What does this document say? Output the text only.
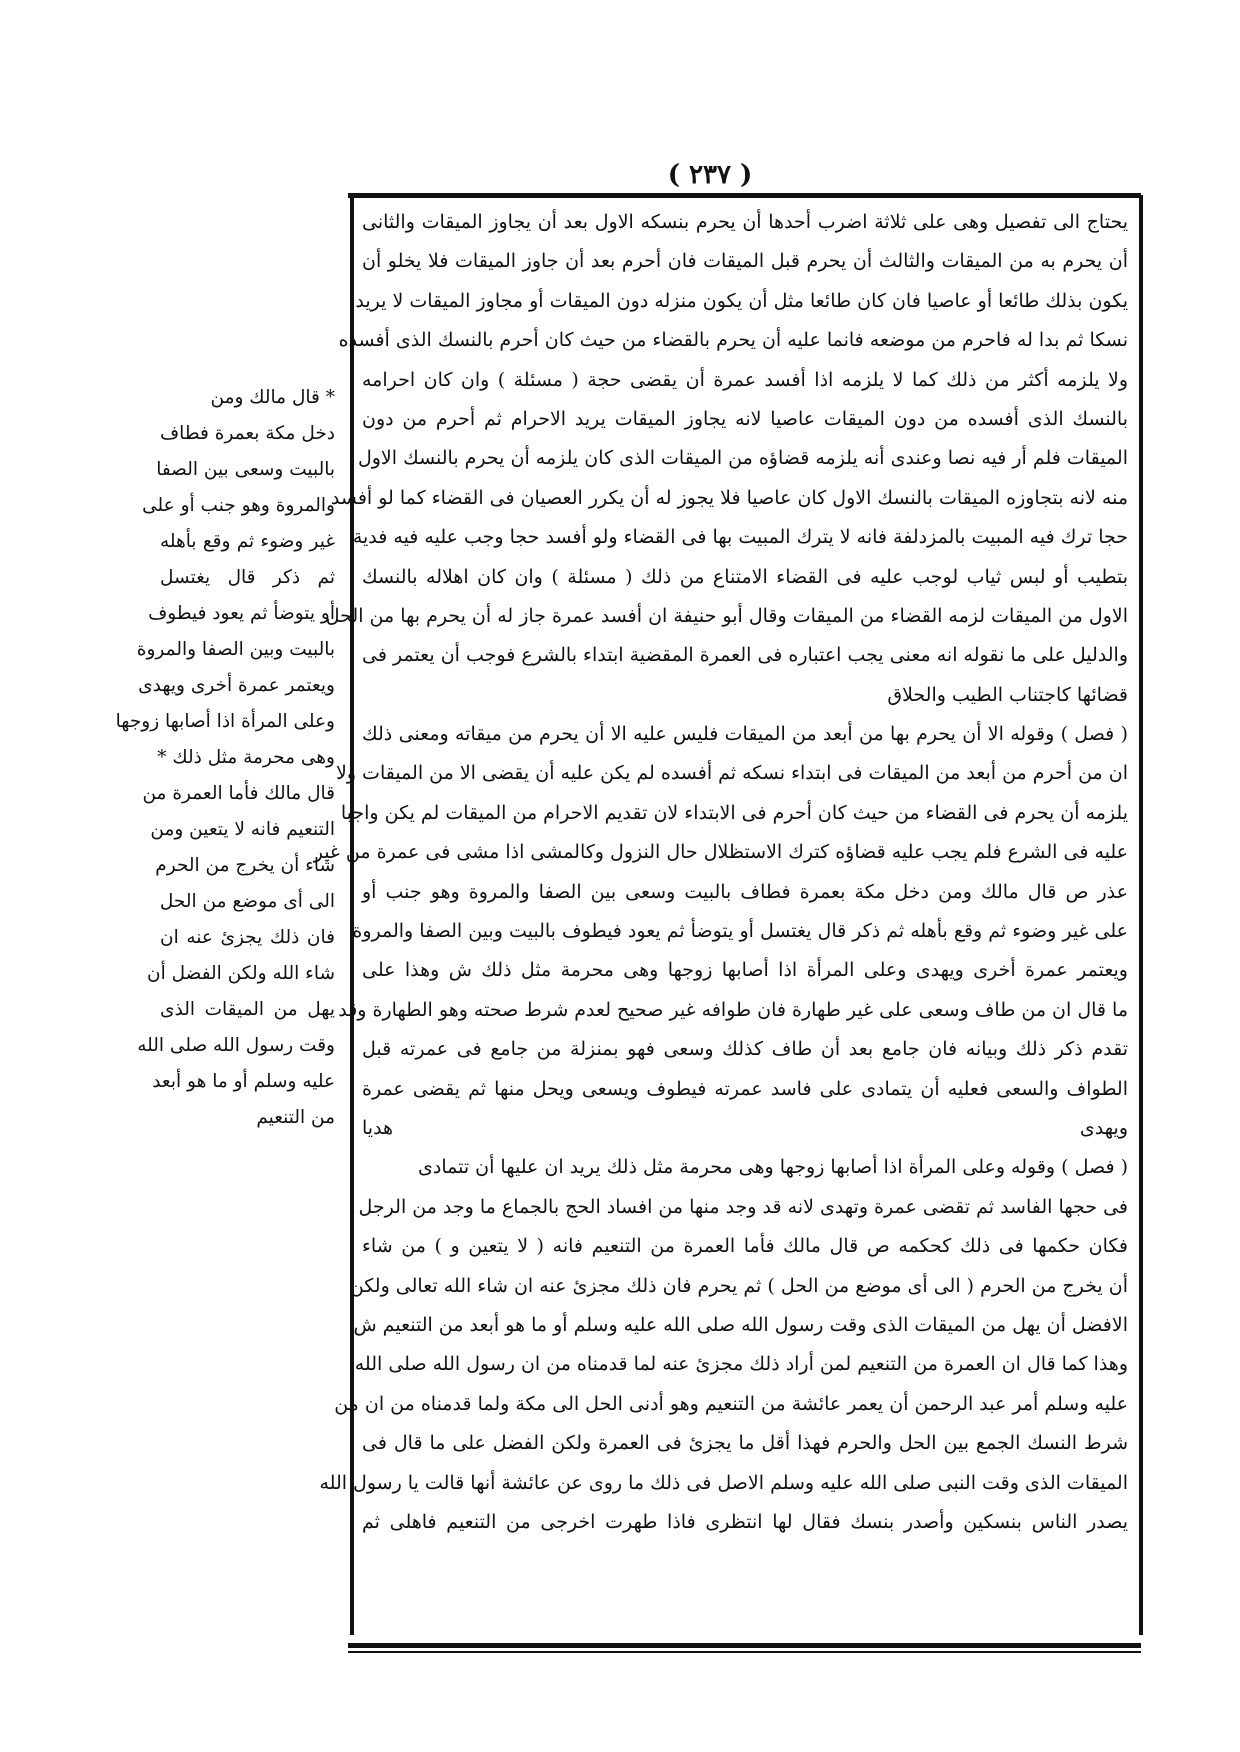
( ٢٣٧ )
يحتاج الى تفصيل وهى على ثلاثة اضرب أحدها أن يحرم بنسكه الاول بعد أن يجاوز الميقات والثانى
أن يحرم به من الميقات والثالث أن يحرم قبل الميقات فان أحرم بعد أن جاوز الميقات فلا يخلو أن
يكون بذلك طائعا أو عاصيا فان كان طائعا مثل أن يكون منزله دون الميقات أو مجاوز الميقات لا يريد
نسكا ثم بدا له فاحرم من موضعه فانما عليه أن يحرم بالقضاء من حيث كان أحرم بالنسك الذى أفسده
ولا يلزمه أكثر من ذلك كما لا يلزمه اذا أفسد عمرة أن يقضى حجة ( مسئلة ) وان كان احرامه
بالنسك الذى أفسده من دون الميقات عاصيا لانه يجاوز الميقات يريد الاحرام ثم أحرم من دون
الميقات فلم أر فيه نصا وعندى أنه يلزمه قضاؤه من الميقات الذى كان يلزمه أن يحرم بالنسك الاول
منه لانه بتجاوزه الميقات بالنسك الاول كان عاصيا فلا يجوز له أن يكرر العصيان فى القضاء كما لو أفسد
حجا ترك فيه المبيت بالمزدلفة فانه لا يترك المبيت بها فى القضاء ولو أفسد حجا وجب عليه فيه فدية
بتطيب أو لبس ثياب لوجب عليه فى القضاء الامتناع من ذلك ( مسئلة ) وان كان اهلاله بالنسك
الاول من الميقات لزمه القضاء من الميقات وقال أبو حنيفة ان أفسد عمرة جاز له أن يحرم بها من الحل
والدليل على ما نقوله انه معنى يجب اعتباره فى العمرة المقضية ابتداء بالشرع فوجب أن يعتمر فى
قضائها كاجتناب الطيب والحلاق
( فصل ) وقوله الا أن يحرم بها من أبعد من الميقات فليس عليه الا أن يحرم من ميقاته ومعنى ذلك
ان من أحرم من أبعد من الميقات فى ابتداء نسكه ثم أفسده لم يكن عليه أن يقضى الا من الميقات ولا
يلزمه أن يحرم فى القضاء من حيث كان أحرم فى الابتداء لان تقديم الاحرام من الميقات لم يكن واجبا
عليه فى الشرع فلم يجب عليه قضاؤه كترك الاستظلال حال النزول وكالمشى اذا مشى فى عمرة من غير
عذر ص قال مالك ومن دخل مكة بعمرة فطاف بالبيت وسعى بين الصفا والمروة وهو جنب أو
على غير وضوء ثم وقع بأهله ثم ذكر قال يغتسل أو يتوضأ ثم يعود فيطوف بالبيت وبين الصفا والمروة
ويعتمر عمرة أخرى ويهدى وعلى المرأة اذا أصابها زوجها وهى محرمة مثل ذلك ش وهذا على
ما قال ان من طاف وسعى على غير طهارة فان طوافه غير صحيح لعدم شرط صحته وهو الطهارة وقد
تقدم ذكر ذلك وبيانه فان جامع بعد أن طاف كذلك وسعى فهو بمنزلة من جامع فى عمرته قبل
الطواف والسعى فعليه أن يتمادى على فاسد عمرته فيطوف ويسعى ويحل منها ثم يقضى عمرة
ويهدى هديا
( فصل ) وقوله وعلى المرأة اذا أصابها زوجها وهى محرمة مثل ذلك يريد ان عليها أن تتمادى
فى حجها الفاسد ثم تقضى عمرة وتهدى لانه قد وجد منها من افساد الحج بالجماع ما وجد من الرجل
فكان حكمها فى ذلك كحكمه ص قال مالك فأما العمرة من التنعيم فانه ( لا يتعين و ) من شاء
أن يخرج من الحرم ( الى أى موضع من الحل ) ثم يحرم فان ذلك مجزئ عنه ان شاء الله تعالى ولكن
الافضل أن يهل من الميقات الذى وقت رسول الله صلى الله عليه وسلم أو ما هو أبعد من التنعيم ش
وهذا كما قال ان العمرة من التنعيم لمن أراد ذلك مجزئ عنه لما قدمناه من ان رسول الله صلى الله
عليه وسلم أمر عبد الرحمن أن يعمر عائشة من التنعيم وهو أدنى الحل الى مكة ولما قدمناه من ان من
شرط النسك الجمع بين الحل والحرم فهذا أقل ما يجزئ فى العمرة ولكن الفضل على ما قال فى
الميقات الذى وقت النبى صلى الله عليه وسلم الاصل فى ذلك ما روى عن عائشة أنها قالت يا رسول الله
يصدر الناس بنسكين وأصدر بنسك فقال لها انتظرى فاذا طهرت اخرجى من التنعيم فاهلى ثم
* قال مالك ومن
دخل مكة بعمرة فطاف
بالبيت وسعى بين الصفا
والمروة وهو جنب أو على
غير وضوء ثم وقع بأهله
ثم ذكر قال يغتسل
أو يتوضأ ثم يعود فيطوف
بالبيت وبين الصفا والمروة
ويعتمر عمرة أخرى ويهدى
وعلى المرأة اذا أصابها زوجها
وهى محرمة مثل ذلك *
قال مالك فأما العمرة من
التنعيم فانه لا يتعين ومن
شاء أن يخرج من الحرم
الى أى موضع من الحل
فان ذلك يجزئ عنه ان
شاء الله ولكن الفضل أن
يهل من الميقات الذى
وقت رسول الله صلى الله
عليه وسلم أو ما هو أبعد
من التنعيم
